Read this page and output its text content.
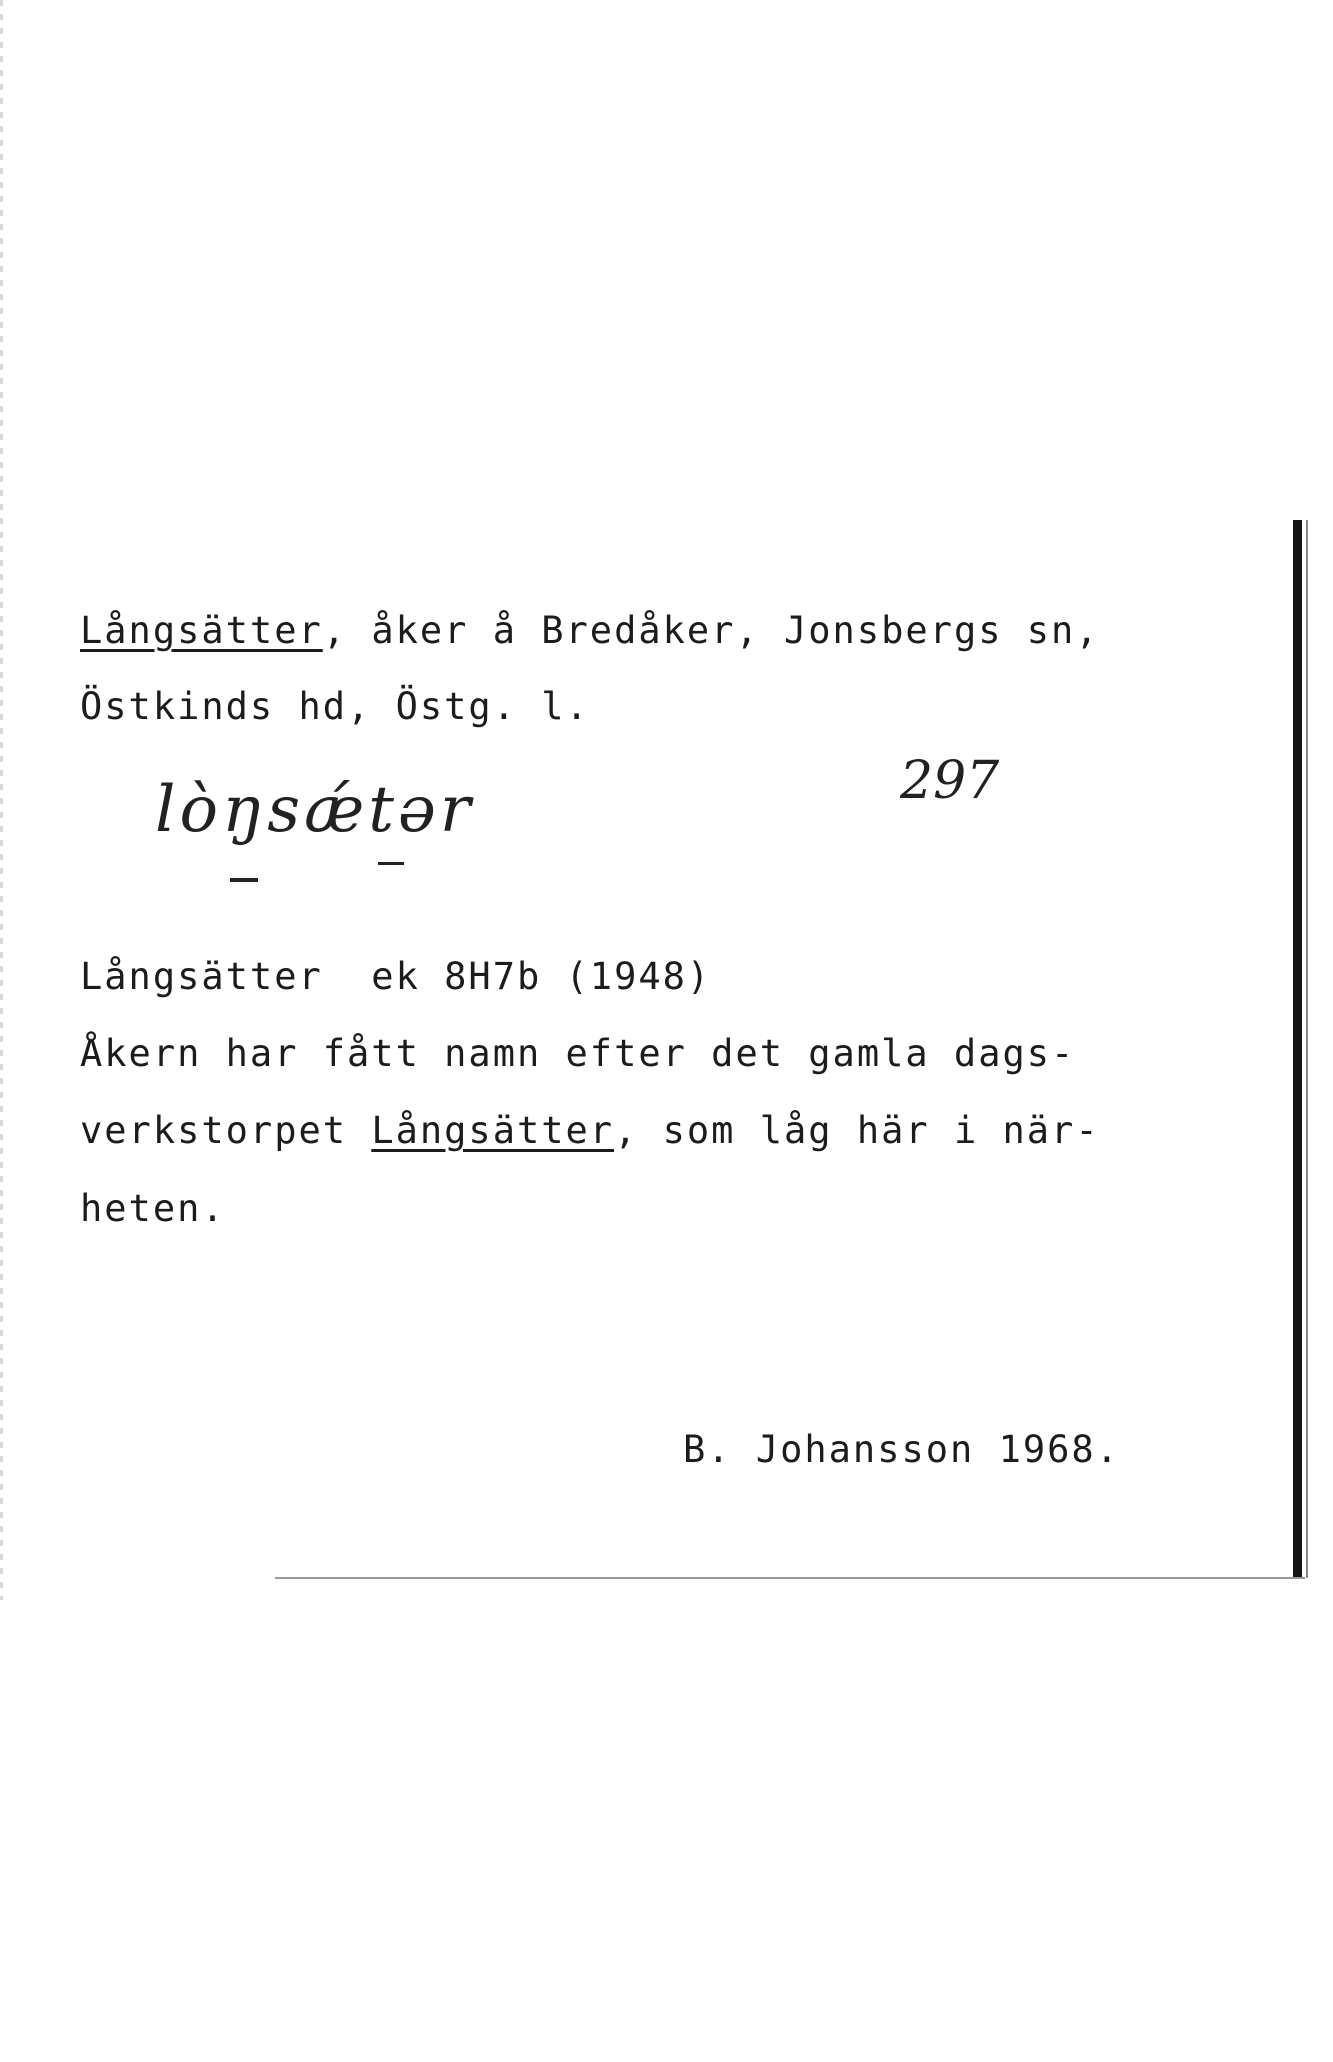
Långsätter, åker å Bredåker, Jonsbergs sn,
Östkinds hd, Östg. l.
lòŋsǽtər	297
Långsätter  ek 8H7b (1948)
Åkern har fått namn efter det gamla dags-
verkstorpet Långsätter, som låg här i när-
heten.
B. Johansson 1968.
